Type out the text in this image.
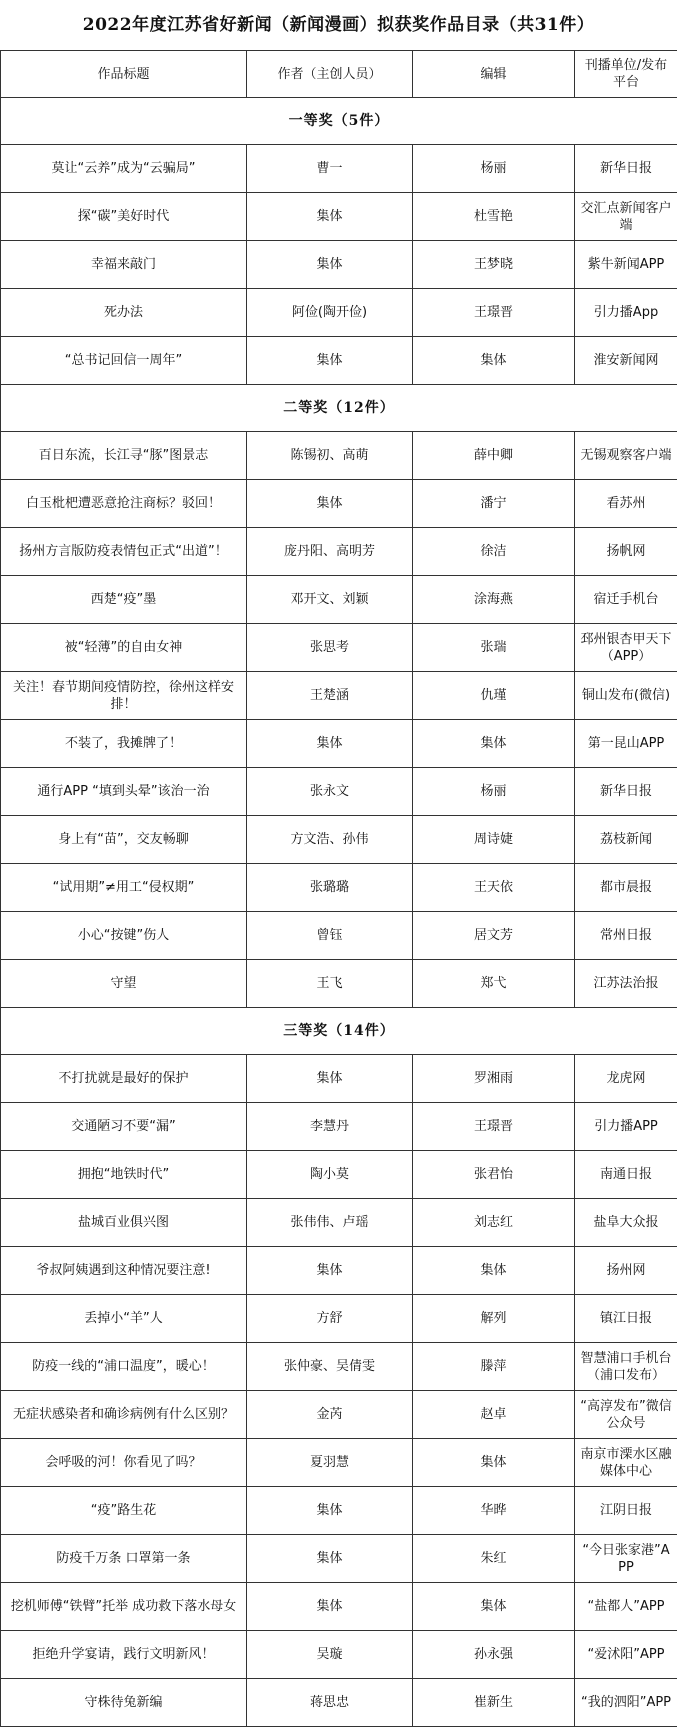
2022年度江苏省好新闻（新闻漫画）拟获奖作品目录（共31件）
作品标题	作者（主创人员）	编辑	刊播单位/发布平台
一等奖（5件）			
莫让“云养”成为“云骗局”	曹一	杨丽	新华日报
探“碳”美好时代	集体	杜雪艳	交汇点新闻客户端
幸福来敲门	集体	王梦晓	紫牛新闻APP
死办法	阿俭(陶开俭)	王璟晋	引力播App
“总书记回信一周年”	集体	集体	淮安新闻网
二等奖（12件）			
百日东流，长江寻“豚”图景志	陈锡初、高萌	薛中卿	无锡观察客户端
白玉枇杷遭恶意抢注商标？驳回！	集体	潘宁	看苏州
扬州方言版防疫表情包正式“出道”！	庞丹阳、高明芳	徐洁	扬帆网
西楚“疫”墨	邓开文、刘颖	涂海燕	宿迁手机台
被“轻薄”的自由女神	张思考	张瑞	邳州银杏甲天下（APP）
关注！春节期间疫情防控，徐州这样安排！	王楚涵	仇瑾	铜山发布(微信)
不装了，我摊牌了！	集体	集体	第一昆山APP
通行APP “填到头晕”该治一治	张永文	杨丽	新华日报
身上有“苗”，交友畅聊	方文浩、孙伟	周诗婕	荔枝新闻
“试用期”≠用工“侵权期”	张璐璐	王天依	都市晨报
小心“按键”伤人	曾钰	居文芳	常州日报
守望	王飞	郑弋	江苏法治报
三等奖（14件）			
不打扰就是最好的保护	集体	罗湘雨	龙虎网
交通陋习不要“漏”	李慧丹	王璟晋	引力播APP
拥抱“地铁时代”	陶小莫	张君怡	南通日报
盐城百业俱兴图	张伟伟、卢瑶	刘志红	盐阜大众报
爷叔阿姨遇到这种情况要注意!	集体	集体	扬州网
丢掉小“羊”人	方舒	解列	镇江日报
防疫一线的“浦口温度”，暖心！	张仲豪、吴倩雯	滕萍	智慧浦口手机台（浦口发布）
无症状感染者和确诊病例有什么区别？	金芮	赵卓	“高淳发布”微信公众号
会呼吸的河！你看见了吗？	夏羽慧	集体	南京市溧水区融媒体中心
“疫”路生花	集体	华晔	江阴日报
防疫千万条 口罩第一条	集体	朱红	“今日张家港”APP
挖机师傅“铁臂”托举 成功救下落水母女	集体	集体	“盐都人”APP
拒绝升学宴请，践行文明新风！	吴璇	孙永强	“爱沭阳”APP
守株待兔新编	蒋思忠	崔新生	“我的泗阳”APP
